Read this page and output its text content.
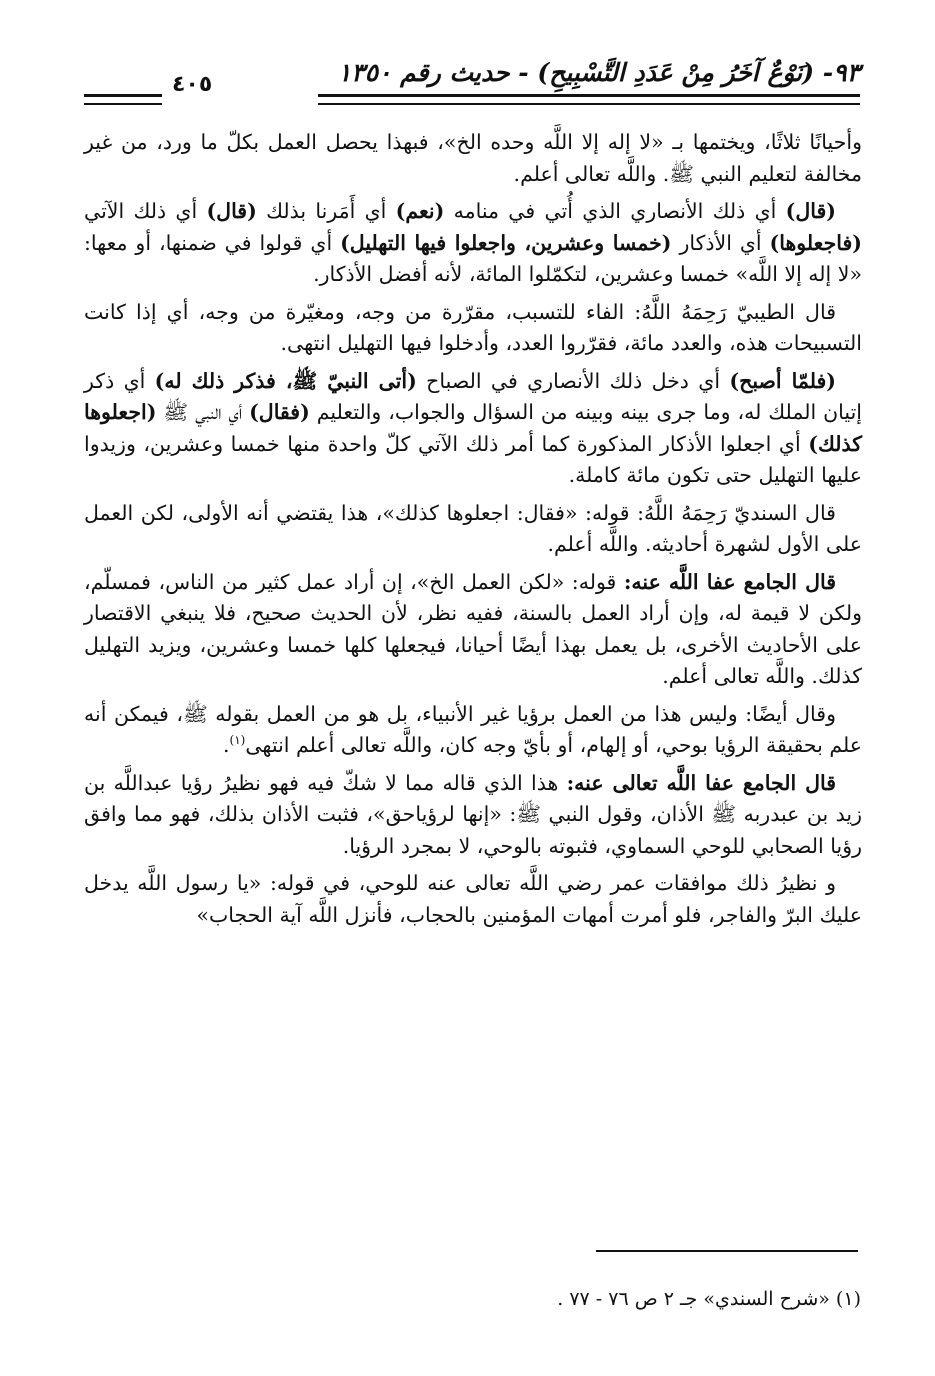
٩٣- (نَوْعٌ آخَرُ مِنْ عَدَدِ التَّسْبِيحِ) - حديث رقم ١٣٥٠
٤٠٥

وأحيانًا ثلاثًا، ويختمها بـ «لا إله إلا اللَّه وحده الخ»، فبهذا يحصل العمل بكلّ ما ورد، من غير مخالفة لتعليم النبي ﷺ. واللَّه تعالى أعلم.

(قال) أي ذلك الأنصاري الذي أُتي في منامه (نعم) أي أَمَرنا بذلك (قال) أي ذلك الآتي (فاجعلوها) أي الأذكار (خمسا وعشرين، واجعلوا فيها التهليل) أي قولوا في ضمنها، أو معها: «لا إله إلا اللَّه» خمسا وعشرين، لتكمّلوا المائة، لأنه أفضل الأذكار.

قال الطيبيّ رَحِمَهُ اللَّهُ: الفاء للتسبب، مقرّرة من وجه، ومغيّرة من وجه، أي إذا كانت التسبيحات هذه، والعدد مائة، فقرّروا العدد، وأدخلوا فيها التهليل انتهى.

(فلمّا أصبح) أي دخل ذلك الأنصاري في الصباح (أتى النبيّ ﷺ، فذكر ذلك له) أي ذكر إتيان الملك له، وما جرى بينه وبينه من السؤال والجواب، والتعليم (فقال) أي النبي ﷺ (اجعلوها كذلك) أي اجعلوا الأذكار المذكورة كما أمر ذلك الآتي كلّ واحدة منها خمسا وعشرين، وزيدوا عليها التهليل حتى تكون مائة كاملة.

قال السنديّ رَحِمَهُ اللَّهُ: قوله: «فقال: اجعلوها كذلك»، هذا يقتضي أنه الأولى، لكن العمل على الأول لشهرة أحاديثه. واللَّه أعلم.

قال الجامع عفا اللَّه عنه: قوله: «لكن العمل الخ»، إن أراد عمل كثير من الناس، فمسلّم، ولكن لا قيمة له، وإن أراد العمل بالسنة، ففيه نظر، لأن الحديث صحيح، فلا ينبغي الاقتصار على الأحاديث الأخرى، بل يعمل بهذا أيضًا أحيانا، فيجعلها كلها خمسا وعشرين، ويزيد التهليل كذلك. واللَّه تعالى أعلم.

وقال أيضًا: وليس هذا من العمل برؤيا غير الأنبياء، بل هو من العمل بقوله ﷺ، فيمكن أنه علم بحقيقة الرؤيا بوحي، أو إلهام، أو بأيّ وجه كان، واللَّه تعالى أعلم انتهى$^{(١)}$.

قال الجامع عفا اللَّه تعالى عنه: هذا الذي قاله مما لا شكّ فيه فهو نظيرُ رؤيا عبداللَّه بن زيد بن عبدربه ﷺ الأذان، وقول النبي ﷺ: «إنها لرؤياحق»، فثبت الأذان بذلك، فهو مما وافق رؤيا الصحابي للوحي السماوي، فثبوته بالوحي، لا بمجرد الرؤيا.

و نظيرُ ذلك موافقات عمر رضي اللَّه تعالى عنه للوحي، في قوله: «يا رسول اللَّه يدخل عليك البرّ والفاجر، فلو أمرت أمهات المؤمنين بالحجاب، فأنزل اللَّه آية الحجاب»

(١) «شرح السندي» جـ ٢ ص ٧٦ - ٧٧ .
